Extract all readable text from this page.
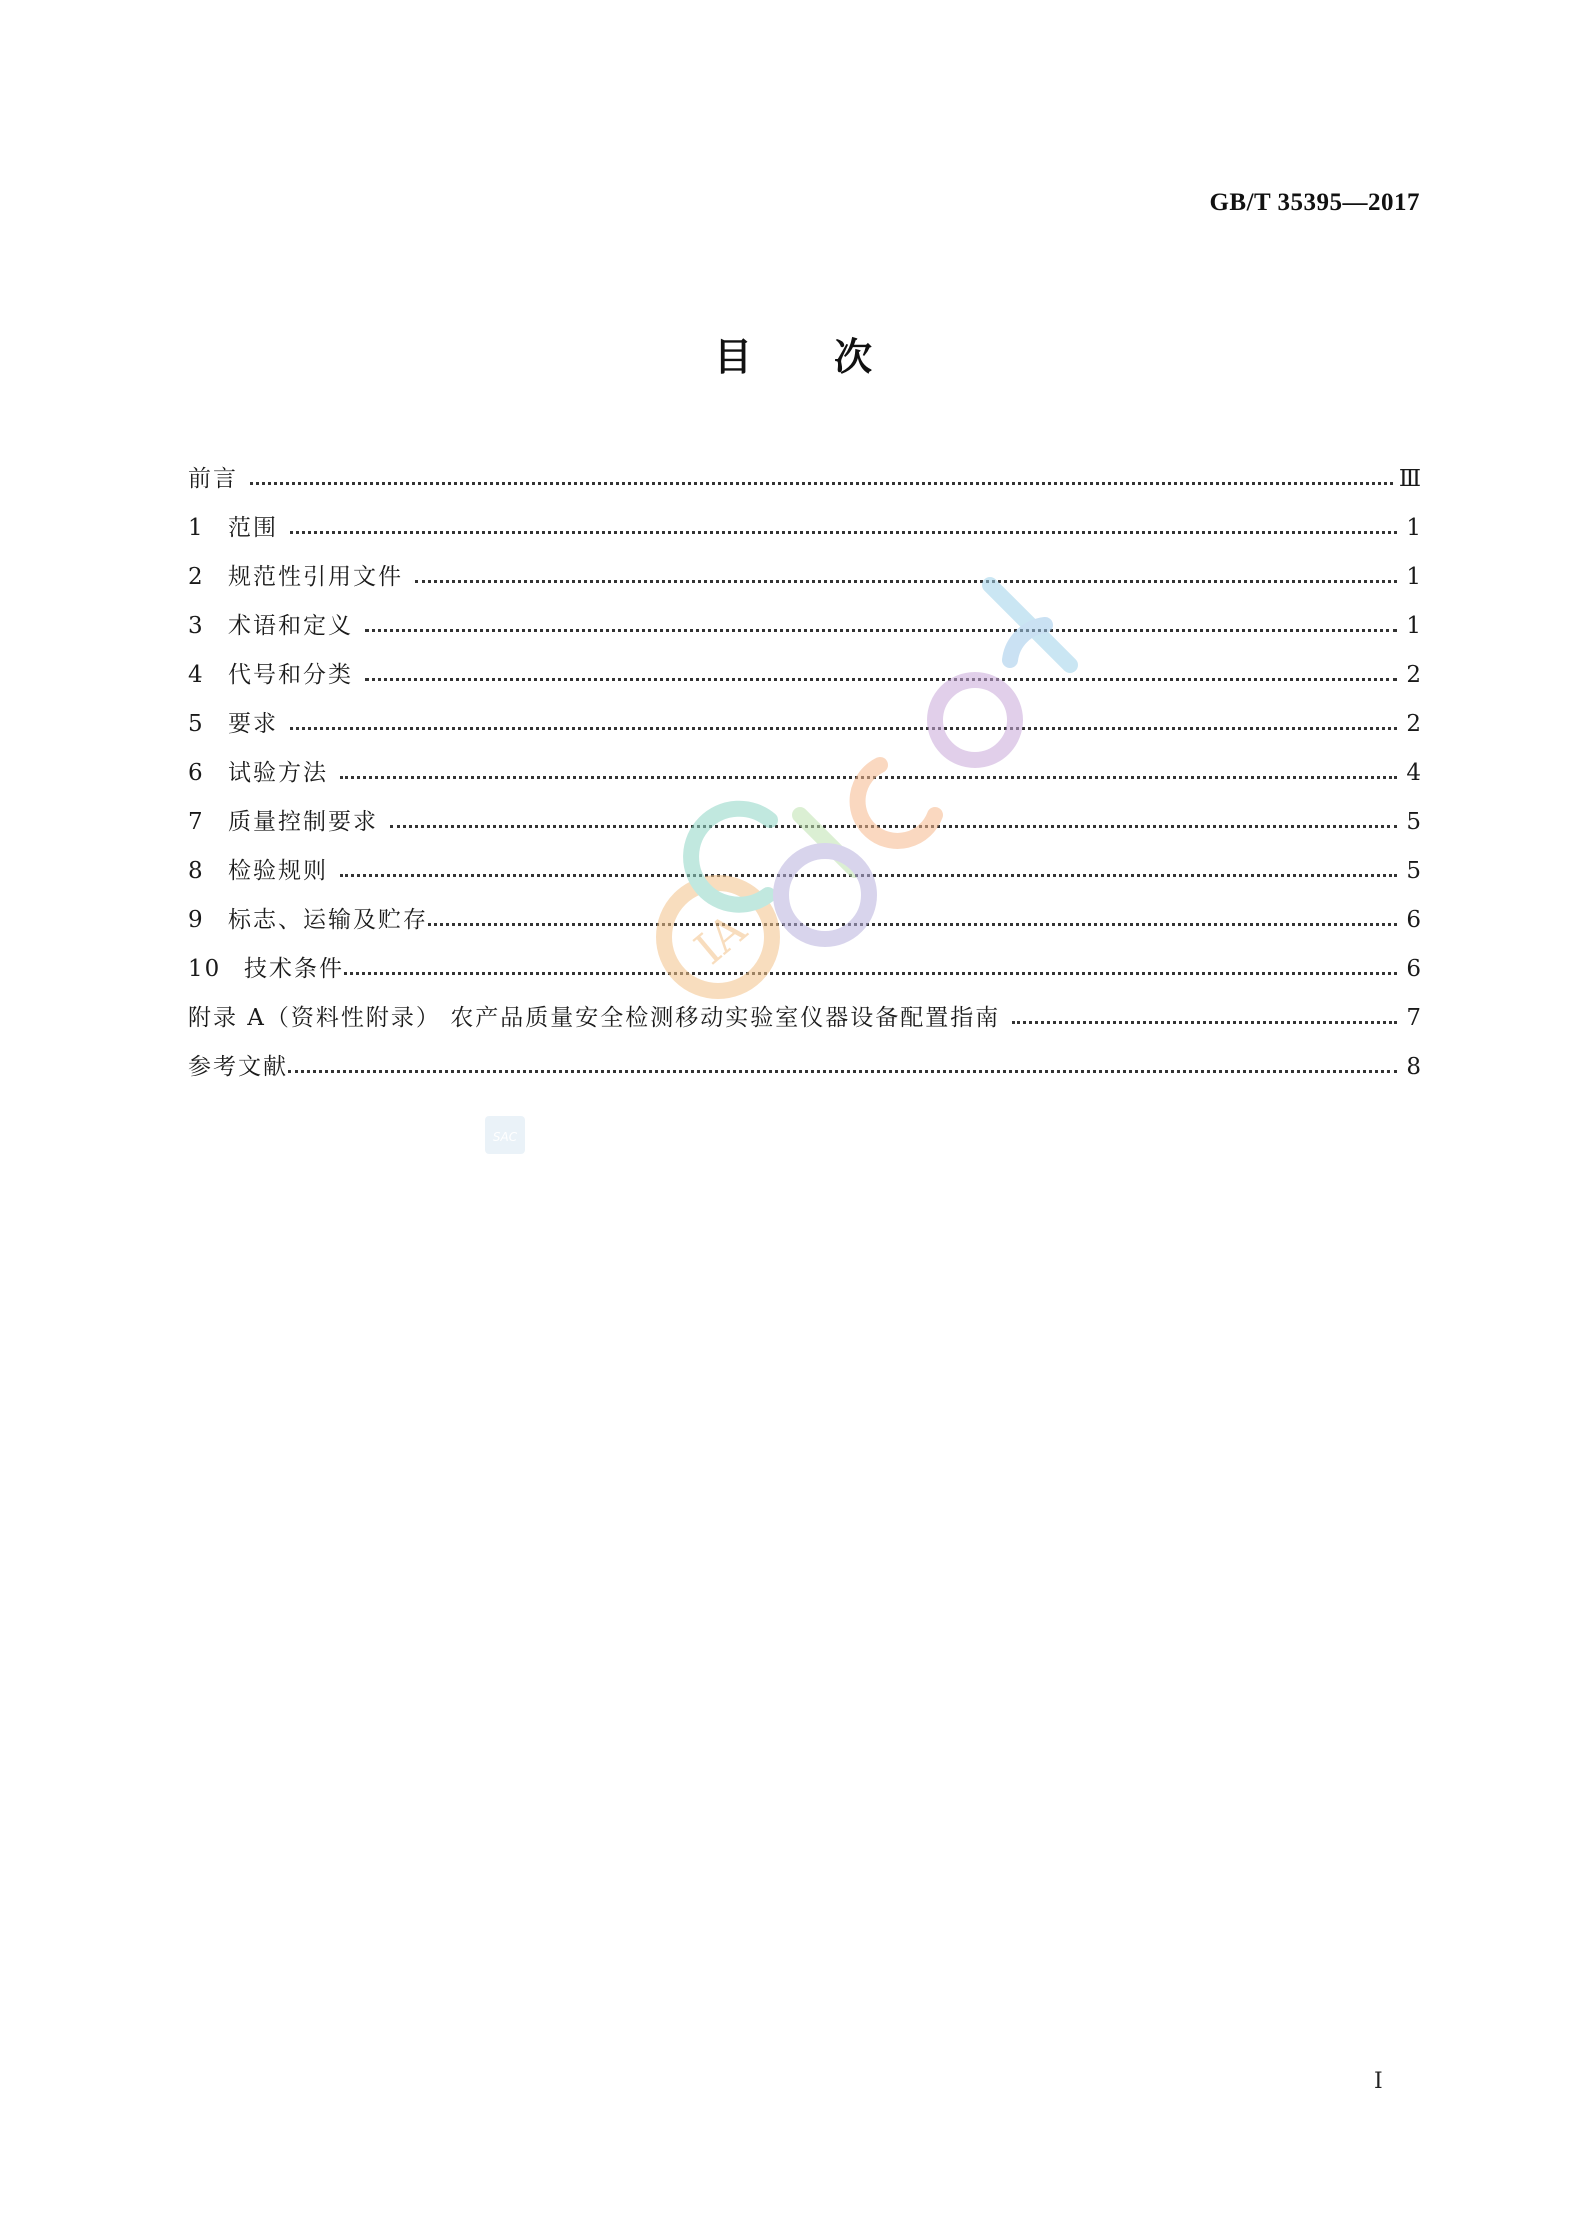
GB/T 35395—2017
目次
前言	Ⅲ
1 范围	1
2 规范性引用文件	1
3 术语和定义	1
4 代号和分类	2
5 要求	2
6 试验方法	4
7 质量控制要求	5
8 检验规则	5
9 标志、运输及贮存	6
10 技术条件	6
附录 A（资料性附录） 农产品质量安全检测移动实验室仪器设备配置指南	7
参考文献	8
IA
SAC
I
